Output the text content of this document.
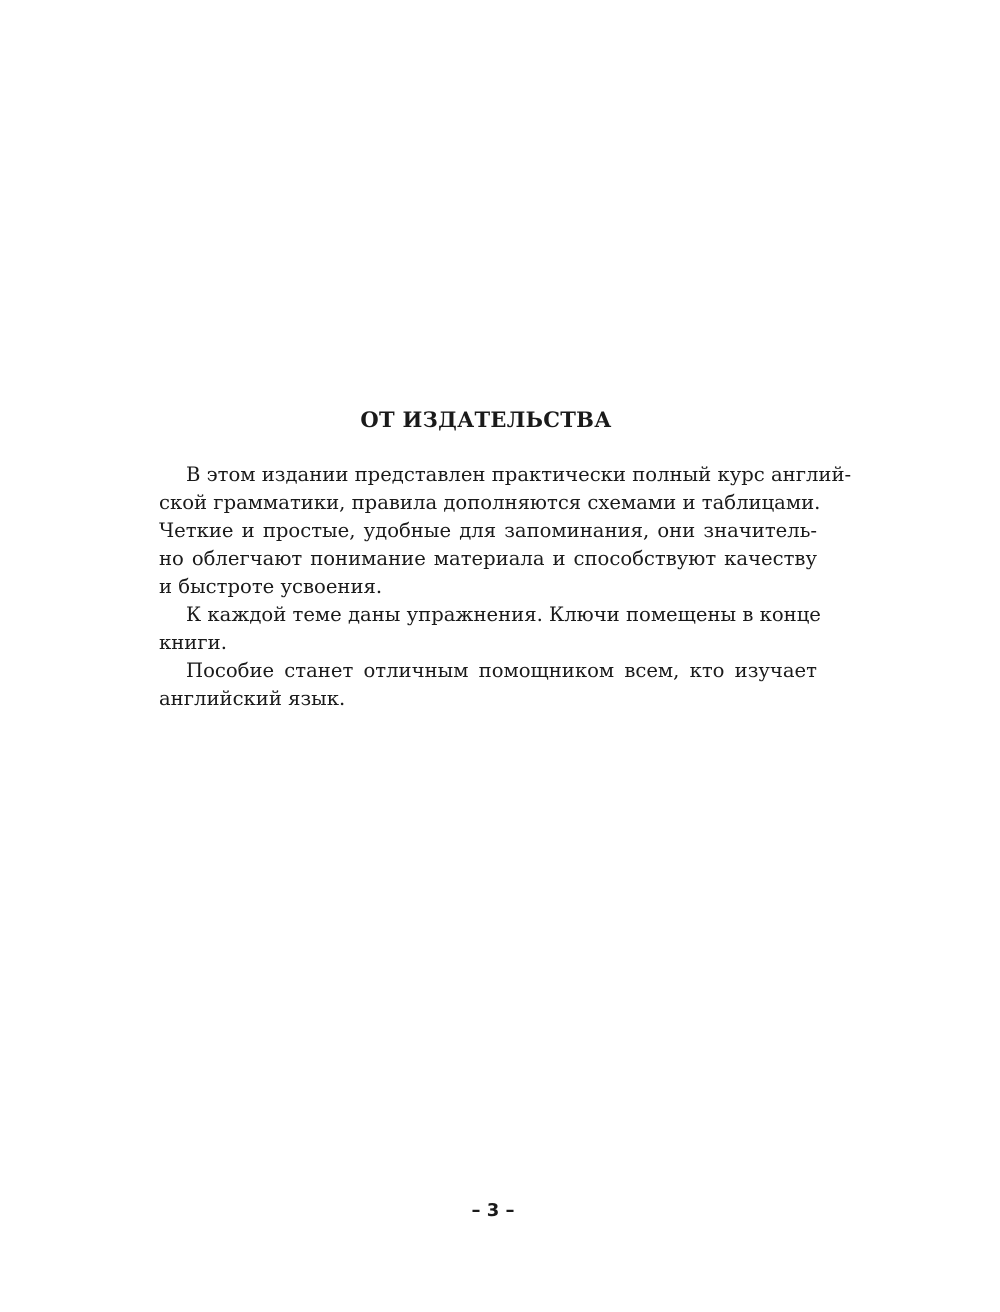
ОТ ИЗДАТЕЛЬСТВА
В этом издании представлен практически полный курс англий-
ской грамматики, правила дополняются схемами и таблицами.
Четкие и простые, удобные для запоминания, они значитель-
но облегчают понимание материала и способствуют качеству
и быстроте усвоения.
К каждой теме даны упражнения. Ключи помещены в конце
книги.
Пособие станет отличным помощником всем, кто изучает
английский язык.
– 3 –
